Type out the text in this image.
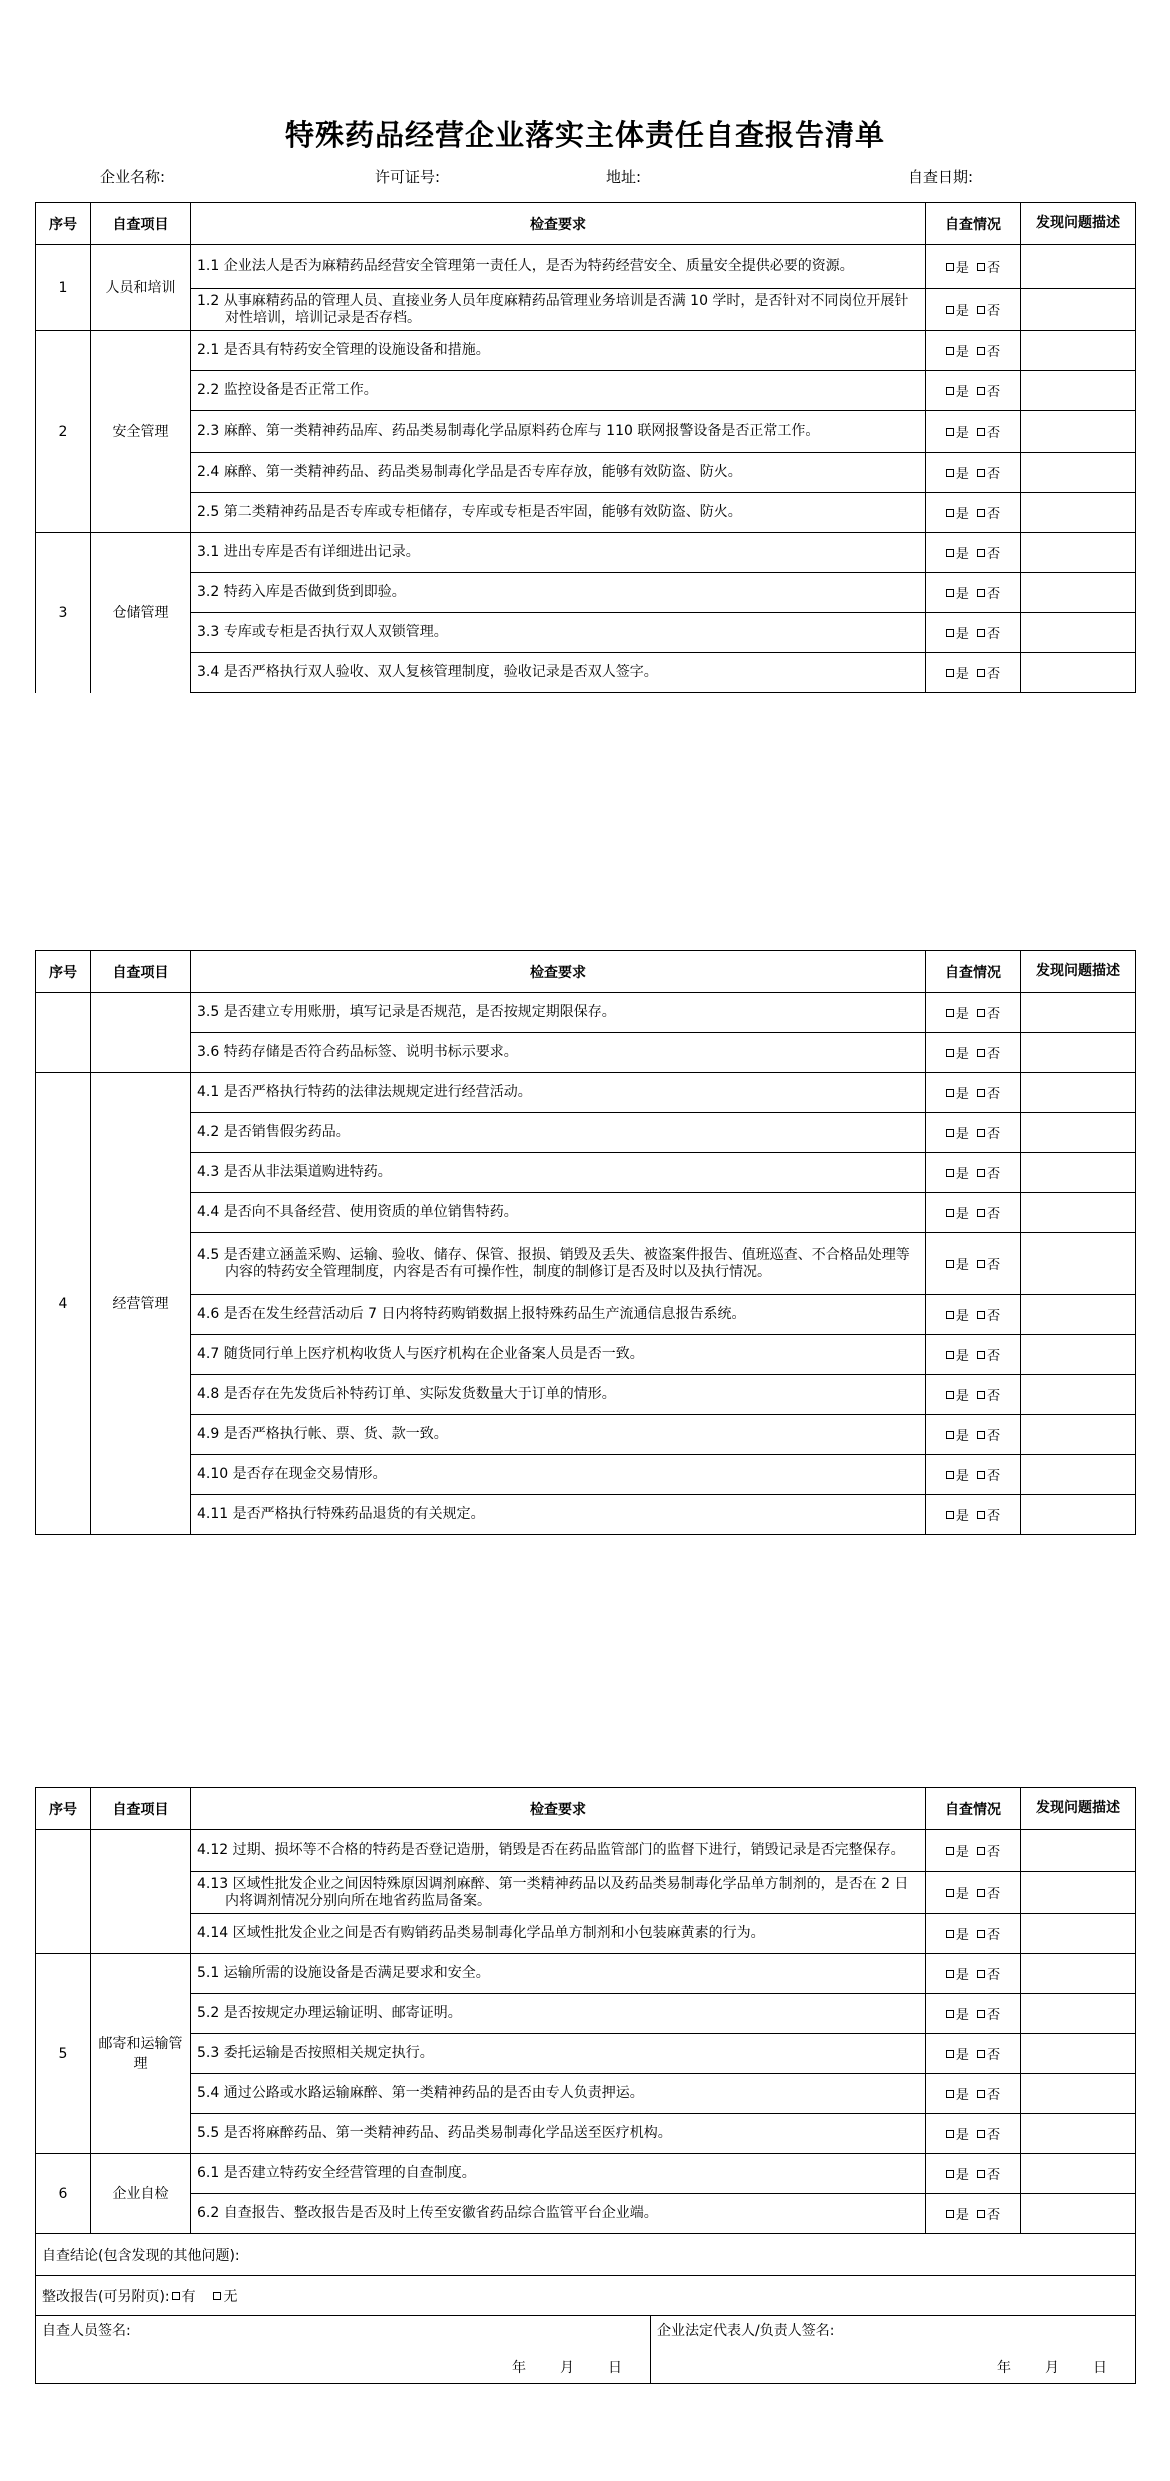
特殊药品经营企业落实主体责任自查报告清单
企业名称:	许可证号:	地址:	自查日期:
序号	自查项目	检查要求	自查情况	发现问题描述
1	人员和培训	1.1 企业法人是否为麻精药品经营安全管理第一责任人，是否为特药经营安全、质量安全提供必要的资源。	是 否	

		1.2 从事麻精药品的管理人员、直接业务人员年度麻精药品管理业务培训是否满 10 学时，是否针对不同岗位开展针对性培训，培训记录是否存档。	是 否	
2	安全管理	2.1 是否具有特药安全管理的设施设备和措施。	是 否	

		2.2 监控设备是否正常工作。	是 否	

		2.3 麻醉、第一类精神药品库、药品类易制毒化学品原料药仓库与 110 联网报警设备是否正常工作。	是 否	

		2.4 麻醉、第一类精神药品、药品类易制毒化学品是否专库存放，能够有效防盗、防火。	是 否	

		2.5 第二类精神药品是否专库或专柜储存，专库或专柜是否牢固，能够有效防盗、防火。	是 否	
3	仓储管理	3.1 进出专库是否有详细进出记录。	是 否	

		3.2 特药入库是否做到货到即验。	是 否	

		3.3 专库或专柜是否执行双人双锁管理。	是 否	

		3.4 是否严格执行双人验收、双人复核管理制度，验收记录是否双人签字。	是 否	
序号	自查项目	检查要求	自查情况	发现问题描述

		3.5 是否建立专用账册，填写记录是否规范，是否按规定期限保存。	是 否	

		3.6 特药存储是否符合药品标签、说明书标示要求。	是 否	
4	经营管理	4.1 是否严格执行特药的法律法规规定进行经营活动。	是 否	

		4.2 是否销售假劣药品。	是 否	

		4.3 是否从非法渠道购进特药。	是 否	

		4.4 是否向不具备经营、使用资质的单位销售特药。	是 否	

		4.5 是否建立涵盖采购、运输、验收、储存、保管、报损、销毁及丢失、被盗案件报告、值班巡查、不合格品处理等内容的特药安全管理制度，内容是否有可操作性，制度的制修订是否及时以及执行情况。	是 否	

		4.6 是否在发生经营活动后 7 日内将特药购销数据上报特殊药品生产流通信息报告系统。	是 否	

		4.7 随货同行单上医疗机构收货人与医疗机构在企业备案人员是否一致。	是 否	

		4.8 是否存在先发货后补特药订单、实际发货数量大于订单的情形。	是 否	

		4.9 是否严格执行帐、票、货、款一致。	是 否	

		4.10 是否存在现金交易情形。	是 否	

		4.11 是否严格执行特殊药品退货的有关规定。	是 否	
序号	自查项目	检查要求		自查情况	发现问题描述

		4.12 过期、损坏等不合格的特药是否登记造册，销毁是否在药品监管部门的监督下进行，销毁记录是否完整保存。		是 否	

		4.13 区域性批发企业之间因特殊原因调剂麻醉、第一类精神药品以及药品类易制毒化学品单方制剂的，是否在 2 日内将调剂情况分别向所在地省药监局备案。		是 否	

		4.14 区域性批发企业之间是否有购销药品类易制毒化学品单方制剂和小包装麻黄素的行为。		是 否	
5	邮寄和运输管理	5.1 运输所需的设施设备是否满足要求和安全。		是 否	

		5.2 是否按规定办理运输证明、邮寄证明。		是 否	

		5.3 委托运输是否按照相关规定执行。		是 否	

		5.4 通过公路或水路运输麻醉、第一类精神药品的是否由专人负责押运。		是 否	

		5.5 是否将麻醉药品、第一类精神药品、药品类易制毒化学品送至医疗机构。		是 否	
6	企业自检	6.1 是否建立特药安全经营管理的自查制度。		是 否	

		6.2 自查报告、整改报告是否及时上传至安徽省药品综合监管平台企业端。		是 否	
自查结论(包含发现的其他问题):					
整改报告(可另附页): 有 无					
自查人员签名:
年 月 日			企业法定代表人/负责人签名:
年 月 日		
